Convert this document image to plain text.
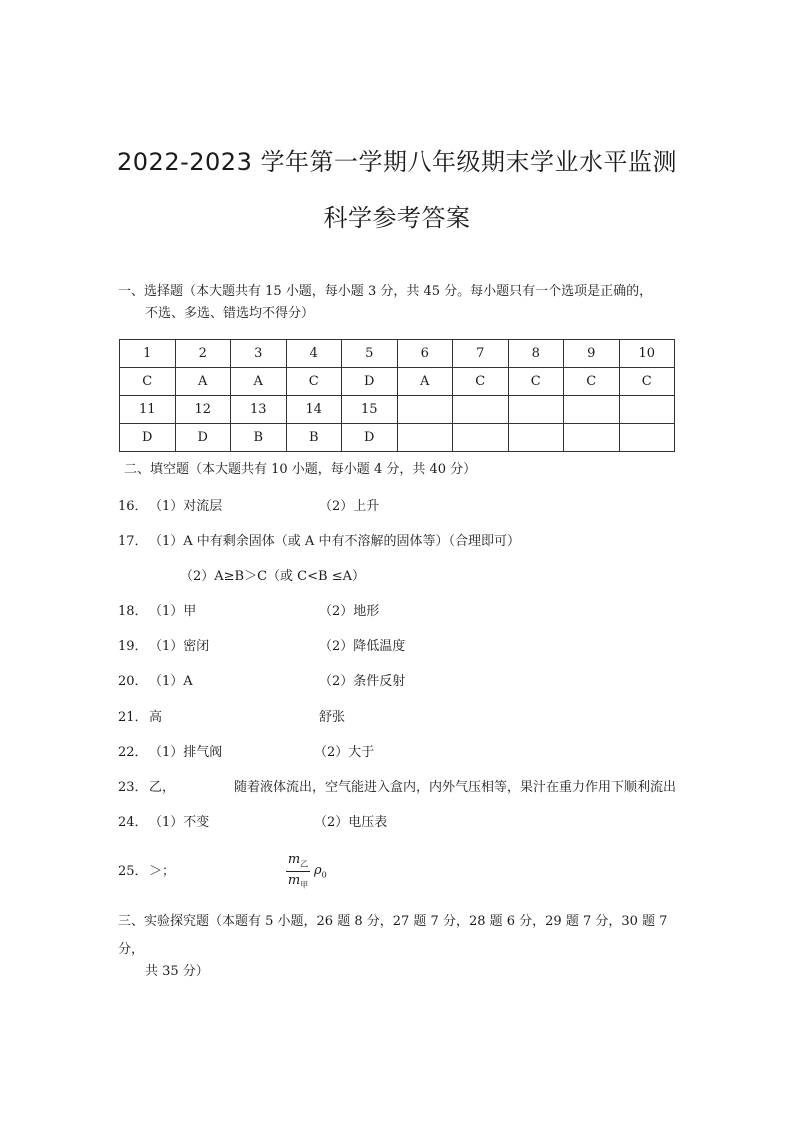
2022-2023 学年第一学期八年级期末学业水平监测
科学参考答案
一、选择题（本大题共有 15 小题，每小题 3 分，共 45 分。每小题只有一个选项是正确的，
不选、多选、错选均不得分）
1	2	3	4	5	6	7	8	9	10
C	A	A	C	D	A	C	C	C	C
11	12	13	14	15					
D	D	B	B	D					
二、填空题（本大题共有 10 小题，每小题 4 分，共 40 分）
16．（1）对流层	（2）上升
17．（1）A 中有剩余固体（或 A 中有不溶解的固体等）（合理即可）
（2）A≥B＞C（或 C<B ≤A）
18．（1）甲	（2）地形
19．（1）密闭	（2）降低温度
20．（1）A	（2）条件反射
21．高	舒张
22．（1）排气阀	（2）大于
23．乙，	随着液体流出，空气能进入盒内，内外气压相等，果汁在重力作用下顺利流出
24．（1）不变	（2）电压表
25．＞；
$m_乙$
$m_甲$
$\rho_0$
三、实验探究题（本题有 5 小题，26 题 8 分，27 题 7 分，28 题 6 分，29 题 7 分，30 题 7 分，
共 35 分）
